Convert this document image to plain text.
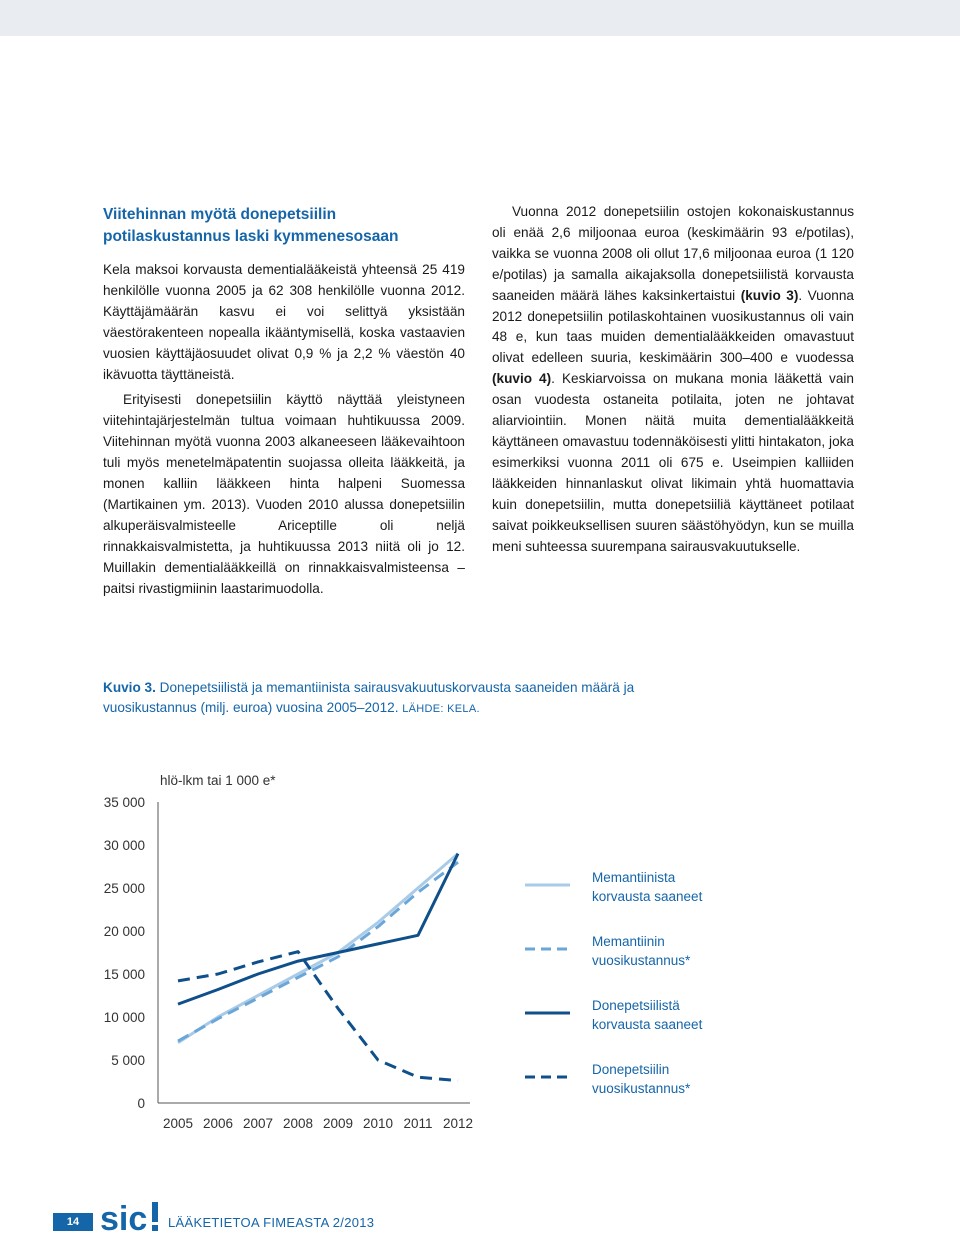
Viitehinnan myötä donepetsiilin
potilaskustannus laski kymmenesosaan

Kela maksoi korvausta dementialääkeistä yhteensä 25 419 henkilölle vuonna 2005 ja 62 308 henkilölle vuonna 2012. Käyttäjämäärän kasvu ei voi selittyä yksistään väestörakenteen nopealla ikääntymisellä, koska vastaavien vuosien käyttäjäosuudet olivat 0,9 % ja 2,2 % väestön 40 ikävuotta täyttäneistä.

Erityisesti donepetsiilin käyttö näyttää yleistyneen viitehintajärjestelmän tultua voimaan huhtikuussa 2009. Viitehinnan myötä vuonna 2003 alkaneeseen lääkevaihtoon tuli myös menetelmäpatentin suojassa olleita lääkkeitä, ja monen kalliin lääkkeen hinta halpeni Suomessa (Martikainen ym. 2013). Vuoden 2010 alussa donepetsiilin alkuperäisvalmisteelle Ariceptille oli neljä rinnakkaisvalmistetta, ja huhtikuussa 2013 niitä oli jo 12. Muillakin dementialääkkeillä on rinnakkaisvalmisteensa – paitsi rivastigmiinin laastarimuodolla.

Vuonna 2012 donepetsiilin ostojen kokonaiskustannus oli enää 2,6 miljoonaa euroa (keskimäärin 93 e/potilas), vaikka se vuonna 2008 oli ollut 17,6 miljoonaa euroa (1 120 e/potilas) ja samalla aikajaksolla donepetsiilistä korvausta saaneiden määrä lähes kaksinkertaistui (kuvio 3). Vuonna 2012 donepetsiilin potilaskohtainen vuosikustannus oli vain 48 e, kun taas muiden dementialääkkeiden omavastuut olivat edelleen suuria, keskimäärin 300–400 e vuodessa (kuvio 4). Keskiarvoissa on mukana monia lääkettä vain osan vuodesta ostaneita potilaita, joten ne johtavat aliarviointiin. Monen näitä muita dementialääkkeitä käyttäneen omavastuu todennäköisesti ylitti hintakaton, joka esimerkiksi vuonna 2011 oli 675 e. Useimpien kalliiden lääkkeiden hinnanlaskut olivat likimain yhtä huomattavia kuin donepetsiilin, mutta donepetsiiliä käyttäneet potilaat saivat poikkeuksellisen suuren säästöhyödyn, kun se muilla meni suhteessa suurempana sairausvakuutukselle.

Kuvio 3. Donepetsiilistä ja memantiinista sairausvakuutuskorvausta saaneiden määrä ja vuosikustannus (milj. euroa) vuosina 2005–2012. LÄHDE: KELA.
hlö-lkm tai 1 000 e*
0
5 000
10 000
15 000
20 000
25 000
30 000
35 000
2005 2006 2007 2008 2009 2010 2011 2012
Memantiinista
korvausta saaneet
Memantiinin
vuosikustannus*
Donepetsiilistä
korvausta saaneet
Donepetsiilin
vuosikustannus*
14 sic LÄÄKETIETOA FIMEASTA 2/2013
